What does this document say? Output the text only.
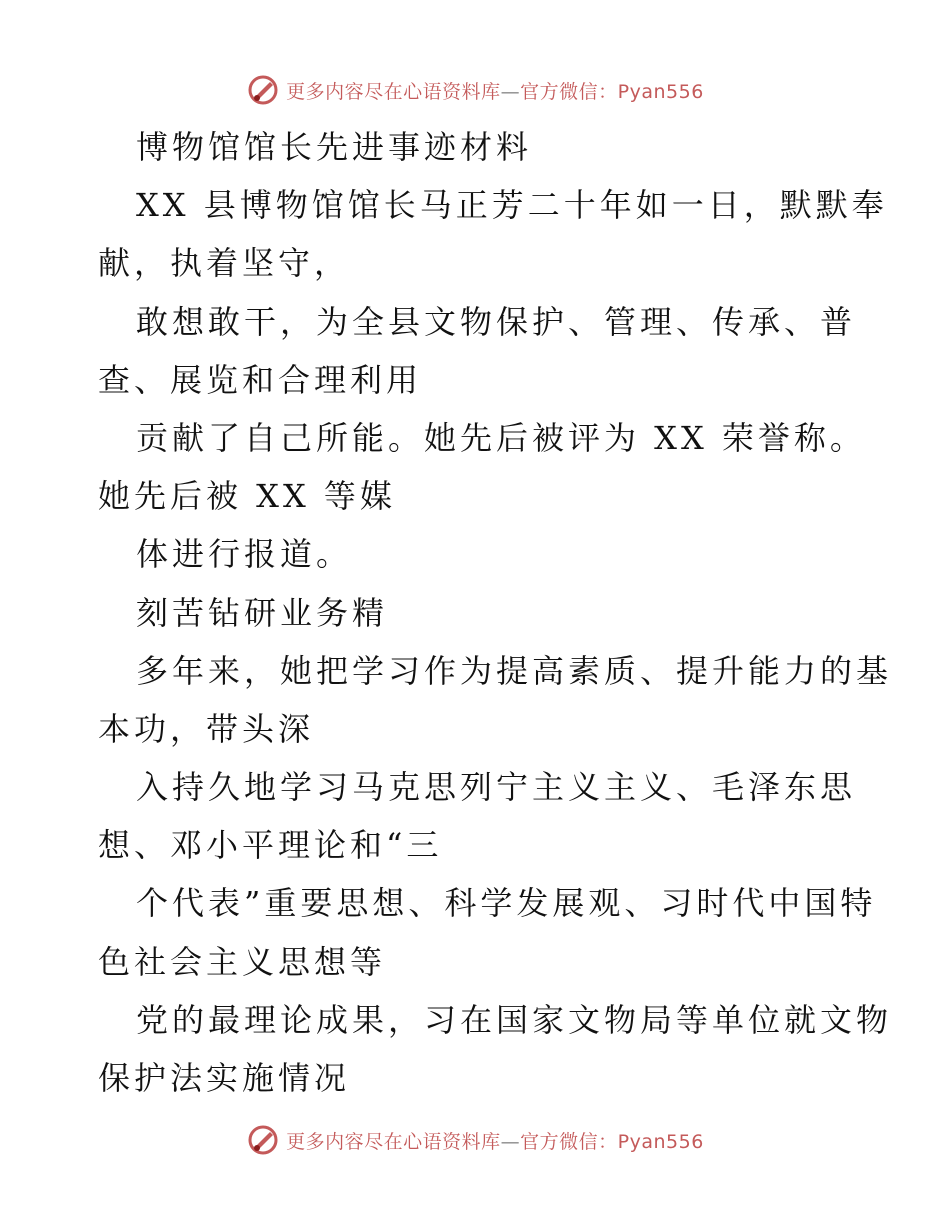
更多内容尽在心语资料库—官方微信：Pyan556
博物馆馆长先进事迹材料
XX 县博物馆馆长马正芳二十年如一日，默默奉
献，执着坚守，
敢想敢干，为全县文物保护、管理、传承、普
查、展览和合理利用
贡献了自己所能。她先后被评为 XX 荣誉称。
她先后被 XX 等媒
体进行报道。
刻苦钻研业务精
多年来，她把学习作为提高素质、提升能力的基
本功，带头深
入持久地学习马克思列宁主义主义、毛泽东思
想、邓小平理论和“三
个代表”重要思想、科学发展观、习时代中国特
色社会主义思想等
党的最理论成果，习在国家文物局等单位就文物
保护法实施情况
更多内容尽在心语资料库—官方微信：Pyan556
